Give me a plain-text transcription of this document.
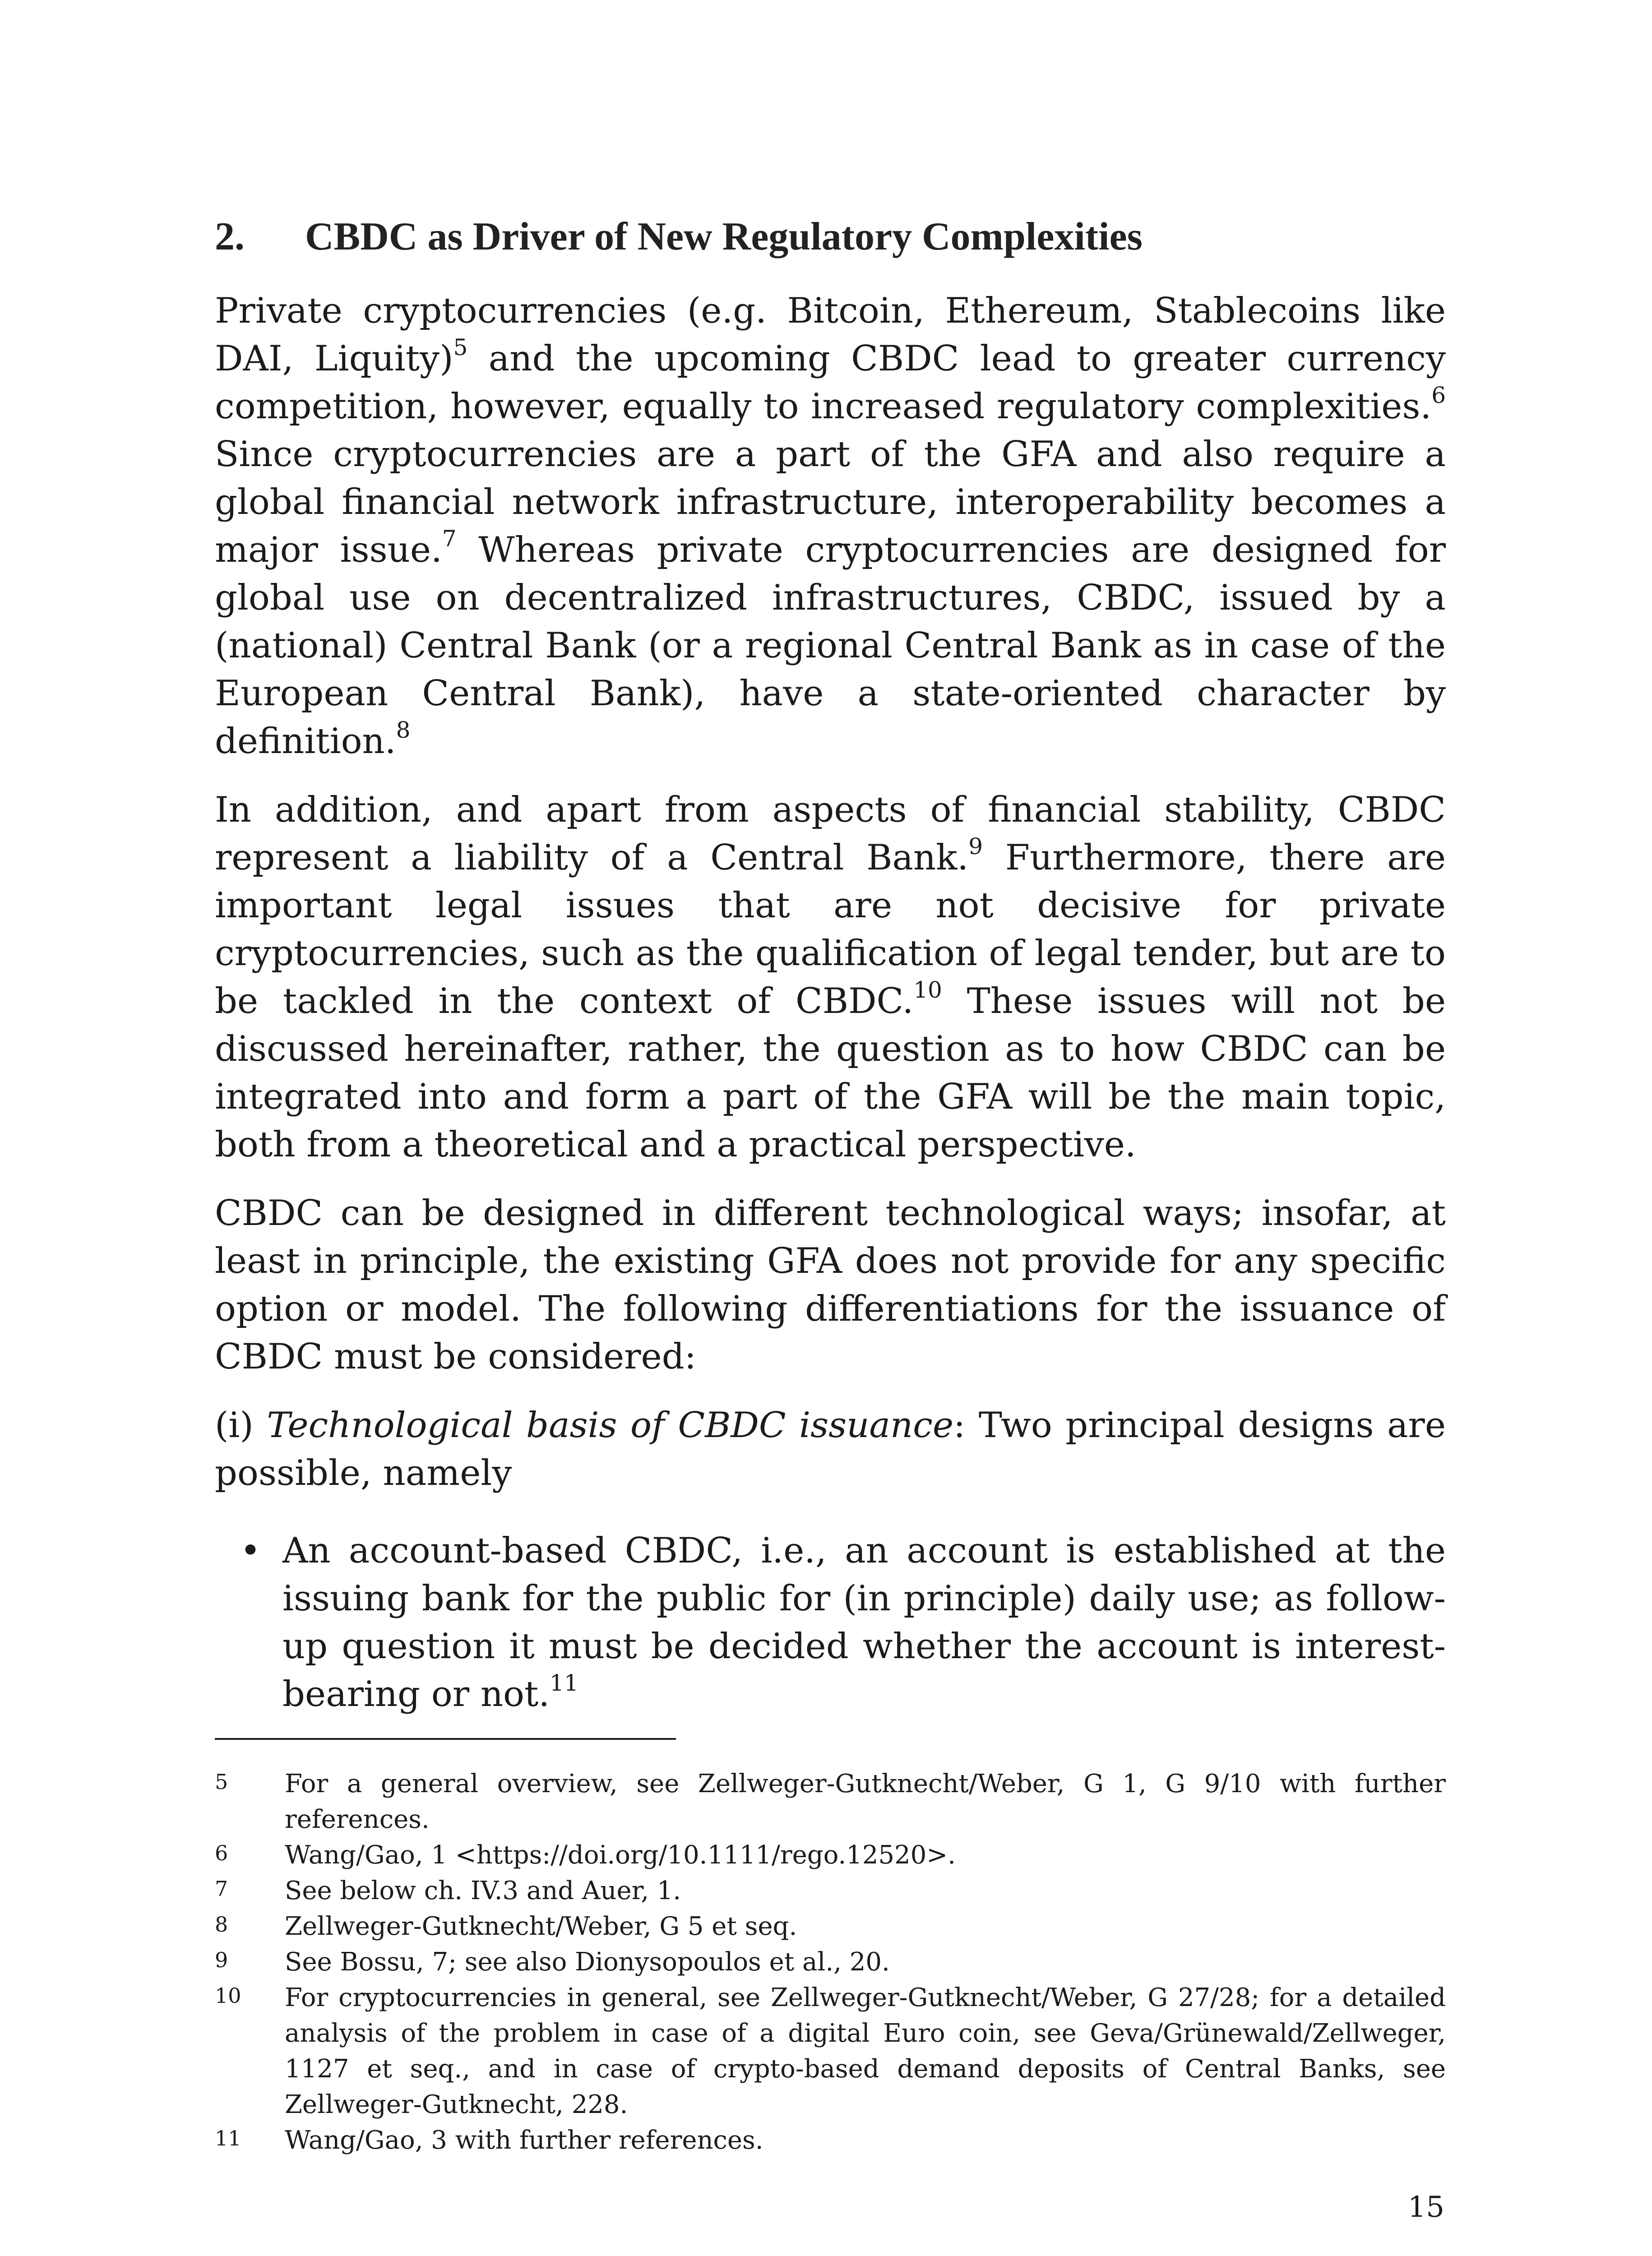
2.	CBDC as Driver of New Regulatory Complexities

Private cryptocurrencies (e.g. Bitcoin, Ethereum, Stablecoins like DAI, Liquity)$^5$ and the upcoming CBDC lead to greater currency competition, however, equally to increased regulatory complexities.$^6$ Since cryptocurrencies are a part of the GFA and also require a global financial network infrastructure, interoperability becomes a major issue.$^7$ Whereas private cryptocurrencies are designed for global use on decentralized infrastructures, CBDC, issued by a (national) Central Bank (or a regional Central Bank as in case of the European Central Bank), have a state-oriented character by definition.$^8$

In addition, and apart from aspects of financial stability, CBDC represent a liability of a Central Bank.$^9$ Furthermore, there are important legal issues that are not decisive for private cryptocurrencies, such as the qualification of legal tender, but are to be tackled in the context of CBDC.$^{10}$ These issues will not be discussed hereinafter, rather, the question as to how CBDC can be integrated into and form a part of the GFA will be the main topic, both from a theoretical and a practical perspective.

CBDC can be designed in different technological ways; insofar, at least in principle, the existing GFA does not provide for any specific option or model. The following differentiations for the issuance of CBDC must be considered:

(i) Technological basis of CBDC issuance: Two principal designs are possible, namely

• An account-based CBDC, i.e., an account is established at the issuing bank for the public for (in principle) daily use; as follow-up question it must be decided whether the account is interest-bearing or not.$^{11}$
5	For a general overview, see Zellweger-Gutknecht/Weber, G 1, G 9/10 with further references.
6	Wang/Gao, 1 <https://doi.org/10.1111/rego.12520>.
7	See below ch. IV.3 and Auer, 1.
8	Zellweger-Gutknecht/Weber, G 5 et seq.
9	See Bossu, 7; see also Dionysopoulos et al., 20.
10	For cryptocurrencies in general, see Zellweger-Gutknecht/Weber, G 27/28; for a detailed analysis of the problem in case of a digital Euro coin, see Geva/Grünewald/Zellweger, 1127 et seq., and in case of crypto-based demand deposits of Central Banks, see Zellweger-Gutknecht, 228.
11	Wang/Gao, 3 with further references.
15
